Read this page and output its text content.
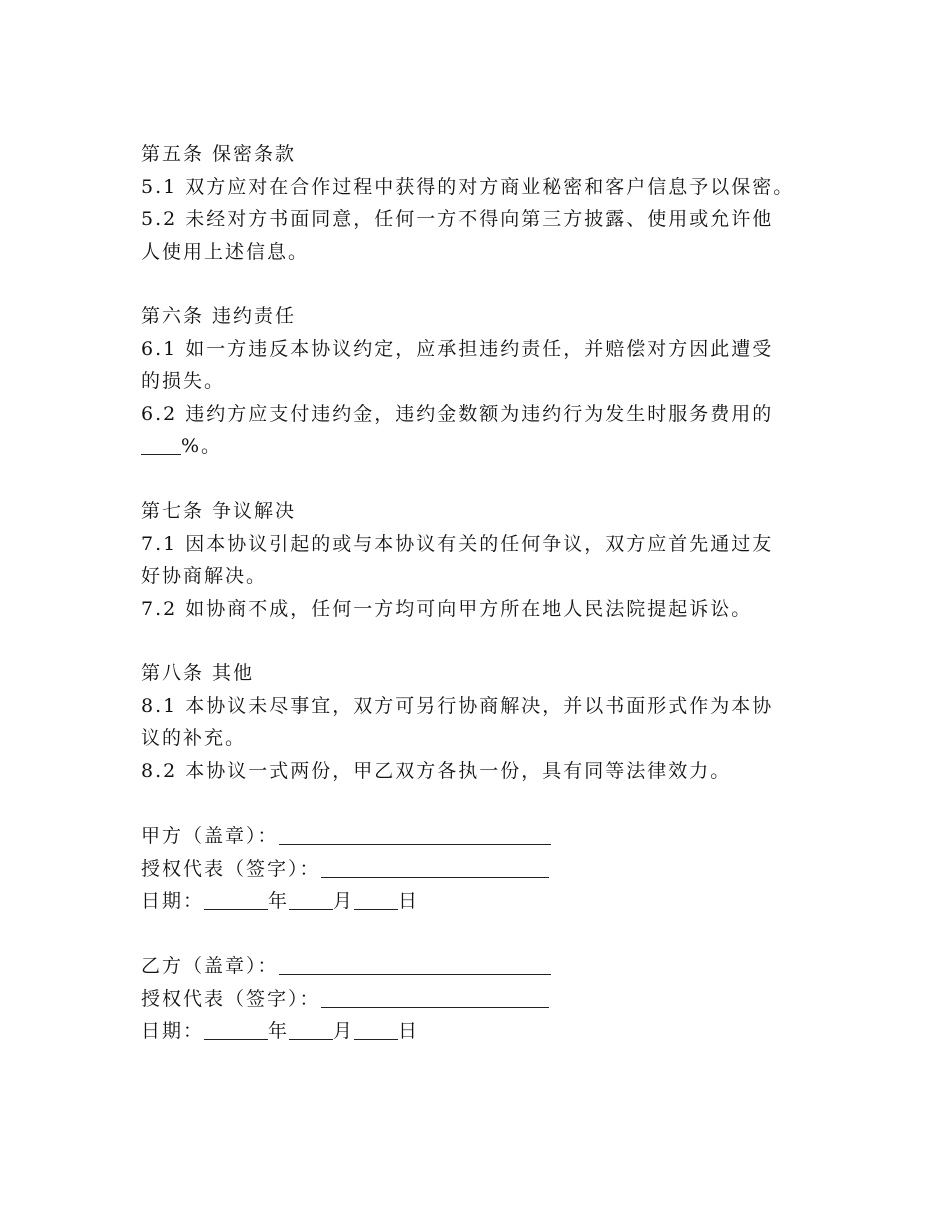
第五条 保密条款
5.1 双方应对在合作过程中获得的对方商业秘密和客户信息予以保密。
5.2 未经对方书面同意，任何一方不得向第三方披露、使用或允许他
人使用上述信息。
第六条 违约责任
6.1 如一方违反本协议约定，应承担违约责任，并赔偿对方因此遭受
的损失。
6.2 违约方应支付违约金，违约金数额为违约行为发生时服务费用的
%。
第七条 争议解决
7.1 因本协议引起的或与本协议有关的任何争议，双方应首先通过友
好协商解决。
7.2 如协商不成，任何一方均可向甲方所在地人民法院提起诉讼。
第八条 其他
8.1 本协议未尽事宜，双方可另行协商解决，并以书面形式作为本协
议的补充。
8.2 本协议一式两份，甲乙双方各执一份，具有同等法律效力。
甲方（盖章）：
授权代表（签字）：
日期：	年 月 日
乙方（盖章）：
授权代表（签字）：
日期：	年 月 日
